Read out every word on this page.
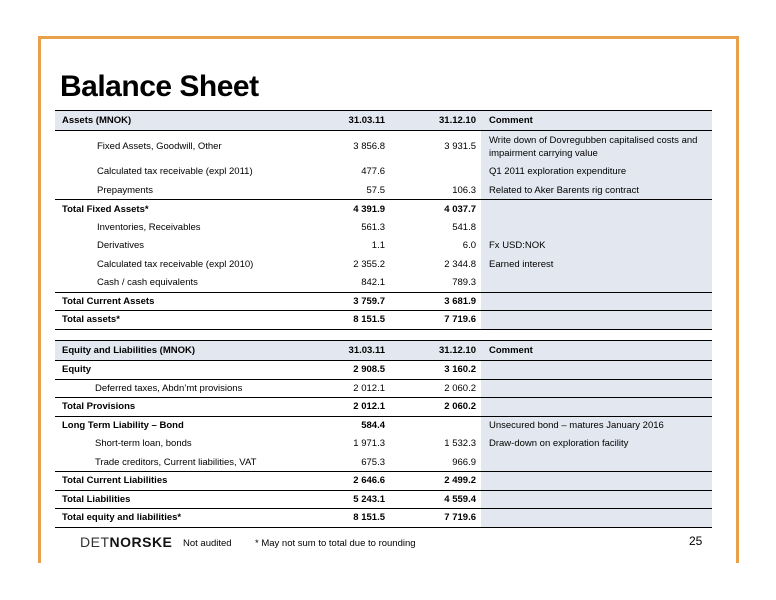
Balance Sheet
Assets (MNOK)	31.03.11	31.12.10	Comment
Fixed Assets, Goodwill, Other	3 856.8	3 931.5	Write down of Dovregubben capitalised costs and impairment carrying value
Calculated tax receivable (expl 2011)	477.6		Q1 2011 exploration expenditure
Prepayments	57.5	106.3	Related to Aker Barents rig contract
Total Fixed Assets*	4 391.9	4 037.7	
Inventories, Receivables	561.3	541.8	
Derivatives	1.1	6.0	Fx USD:NOK
Calculated tax receivable (expl 2010)	2 355.2	2 344.8	Earned interest
Cash / cash equivalents	842.1	789.3	
Total Current Assets	3 759.7	3 681.9	
Total assets*	8 151.5	7 719.6	
Equity and Liabilities (MNOK)	31.03.11	31.12.10	Comment
Equity	2 908.5	3 160.2	
Deferred taxes, Abdn’mt provisions	2 012.1	2 060.2	
Total Provisions	2 012.1	2 060.2	
Long Term Liability – Bond	584.4		Unsecured bond – matures January 2016
Short-term loan, bonds	1 971.3	1 532.3	Draw-down on exploration facility
Trade creditors, Current liabilities, VAT	675.3	966.9	
Total Current Liabilities	2 646.6	2 499.2	
Total Liabilities	5 243.1	4 559.4	
Total equity and liabilities*	8 151.5	7 719.6	
DETNORSKE Not audited * May not sum to total due to rounding	25
